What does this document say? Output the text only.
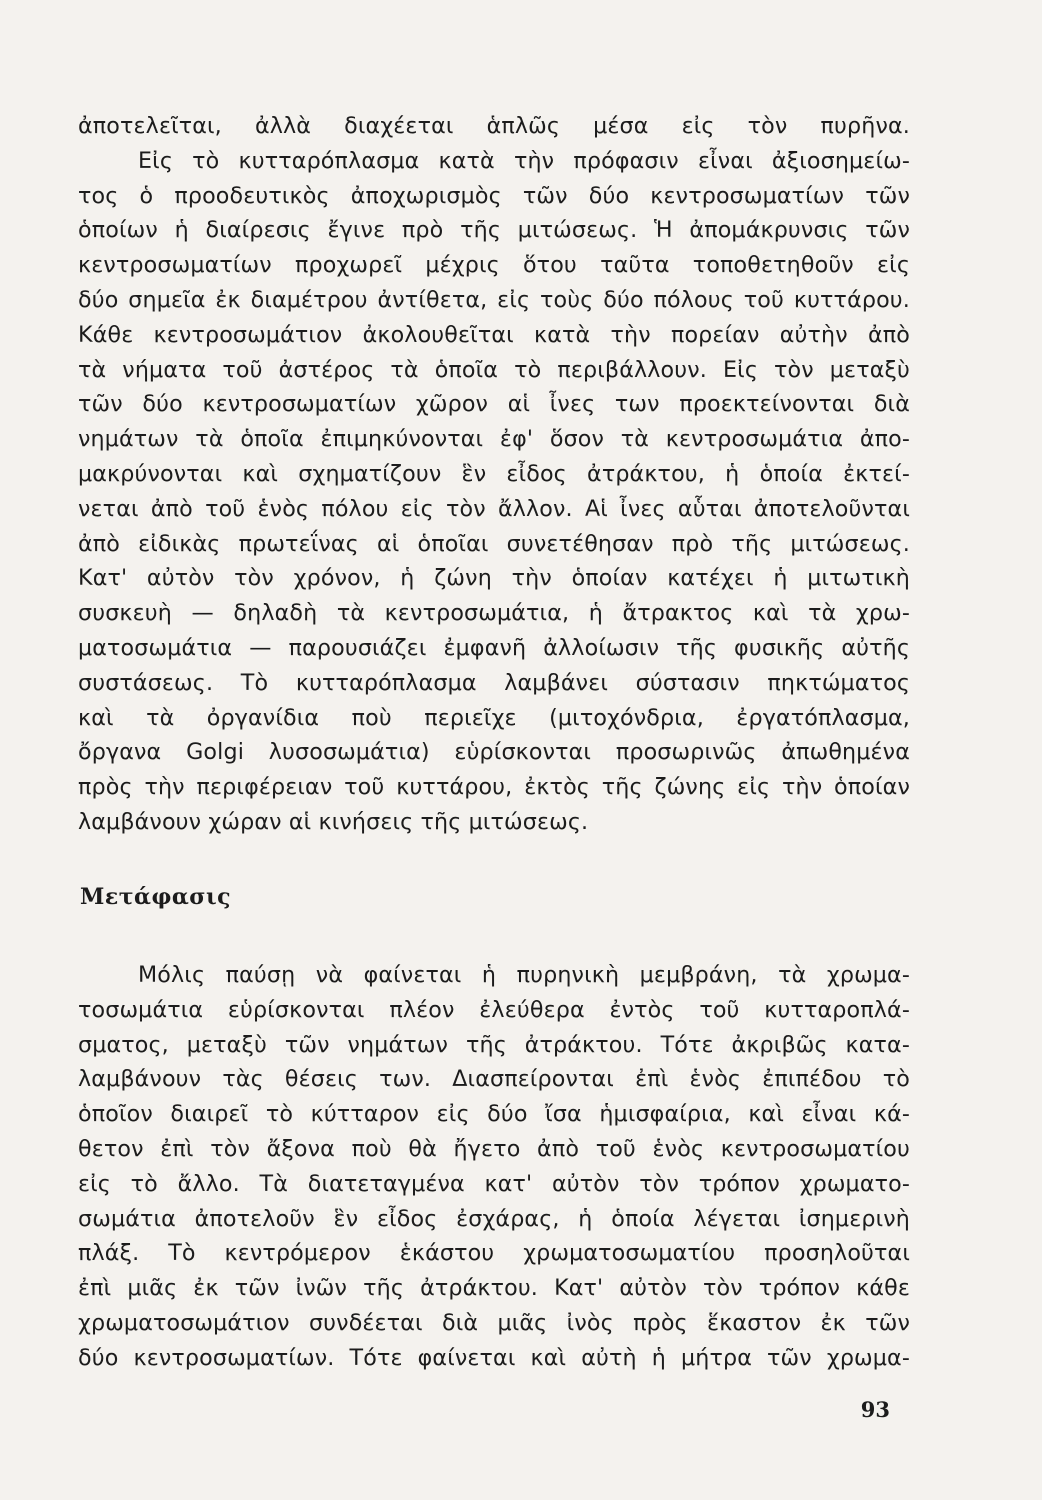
ἀποτελεῖται, ἀλλὰ διαχέεται ἁπλῶς μέσα εἰς τὸν πυρῆνα.
Εἰς τὸ κυτταρόπλασμα κατὰ τὴν πρόφασιν εἶναι ἀξιοσημείω-
τος ὁ προοδευτικὸς ἀποχωρισμὸς τῶν δύο κεντροσωματίων τῶν
ὁποίων ἡ διαίρεσις ἔγινε πρὸ τῆς μιτώσεως. Ἡ ἀπομάκρυνσις τῶν
κεντροσωματίων προχωρεῖ μέχρις ὅτου ταῦτα τοποθετηθοῦν εἰς
δύο σημεῖα ἐκ διαμέτρου ἀντίθετα, εἰς τοὺς δύο πόλους τοῦ κυττάρου.
Κάθε κεντροσωμάτιον ἀκολουθεῖται κατὰ τὴν πορείαν αὐτὴν ἀπὸ
τὰ νήματα τοῦ ἀστέρος τὰ ὁποῖα τὸ περιβάλλουν. Εἰς τὸν μεταξὺ
τῶν δύο κεντροσωματίων χῶρον αἱ ἶνες των προεκτείνονται διὰ
νημάτων τὰ ὁποῖα ἐπιμηκύνονται ἐφ' ὅσον τὰ κεντροσωμάτια ἀπο-
μακρύνονται καὶ σχηματίζουν ἓν εἶδος ἀτράκτου, ἡ ὁποία ἐκτεί-
νεται ἀπὸ τοῦ ἑνὸς πόλου εἰς τὸν ἄλλον. Αἱ ἶνες αὗται ἀποτελοῦνται
ἀπὸ εἰδικὰς πρωτεΐνας αἱ ὁποῖαι συνετέθησαν πρὸ τῆς μιτώσεως.
Κατ' αὐτὸν τὸν χρόνον, ἡ ζώνη τὴν ὁποίαν κατέχει ἡ μιτωτικὴ
συσκευὴ — δηλαδὴ τὰ κεντροσωμάτια, ἡ ἄτρακτος καὶ τὰ χρω-
ματοσωμάτια — παρουσιάζει ἐμφανῆ ἀλλοίωσιν τῆς φυσικῆς αὐτῆς
συστάσεως. Τὸ κυτταρόπλασμα λαμβάνει σύστασιν πηκτώματος
καὶ τὰ ὀργανίδια ποὺ περιεῖχε (μιτοχόνδρια, ἐργατόπλασμα,
ὄργανα Golgi λυσοσωμάτια) εὑρίσκονται προσωρινῶς ἀπωθημένα
πρὸς τὴν περιφέρειαν τοῦ κυττάρου, ἐκτὸς τῆς ζώνης εἰς τὴν ὁποίαν
λαμβάνουν χώραν αἱ κινήσεις τῆς μιτώσεως.
Μετάφασις
Μόλις παύσῃ νὰ φαίνεται ἡ πυρηνικὴ μεμβράνη, τὰ χρωμα-
τοσωμάτια εὑρίσκονται πλέον ἐλεύθερα ἐντὸς τοῦ κυτταροπλά-
σματος, μεταξὺ τῶν νημάτων τῆς ἀτράκτου. Τότε ἀκριβῶς κατα-
λαμβάνουν τὰς θέσεις των. Διασπείρονται ἐπὶ ἑνὸς ἐπιπέδου τὸ
ὁποῖον διαιρεῖ τὸ κύτταρον εἰς δύο ἴσα ἡμισφαίρια, καὶ εἶναι κά-
θετον ἐπὶ τὸν ἄξονα ποὺ θὰ ἤγετο ἀπὸ τοῦ ἑνὸς κεντροσωματίου
εἰς τὸ ἄλλο. Τὰ διατεταγμένα κατ' αὐτὸν τὸν τρόπον χρωματο-
σωμάτια ἀποτελοῦν ἓν εἶδος ἐσχάρας, ἡ ὁποία λέγεται ἰσημερινὴ
πλάξ. Τὸ κεντρόμερον ἑκάστου χρωματοσωματίου προσηλοῦται
ἐπὶ μιᾶς ἐκ τῶν ἰνῶν τῆς ἀτράκτου. Κατ' αὐτὸν τὸν τρόπον κάθε
χρωματοσωμάτιον συνδέεται διὰ μιᾶς ἰνὸς πρὸς ἕκαστον ἐκ τῶν
δύο κεντροσωματίων. Τότε φαίνεται καὶ αὐτὴ ἡ μήτρα τῶν χρωμα-
93
